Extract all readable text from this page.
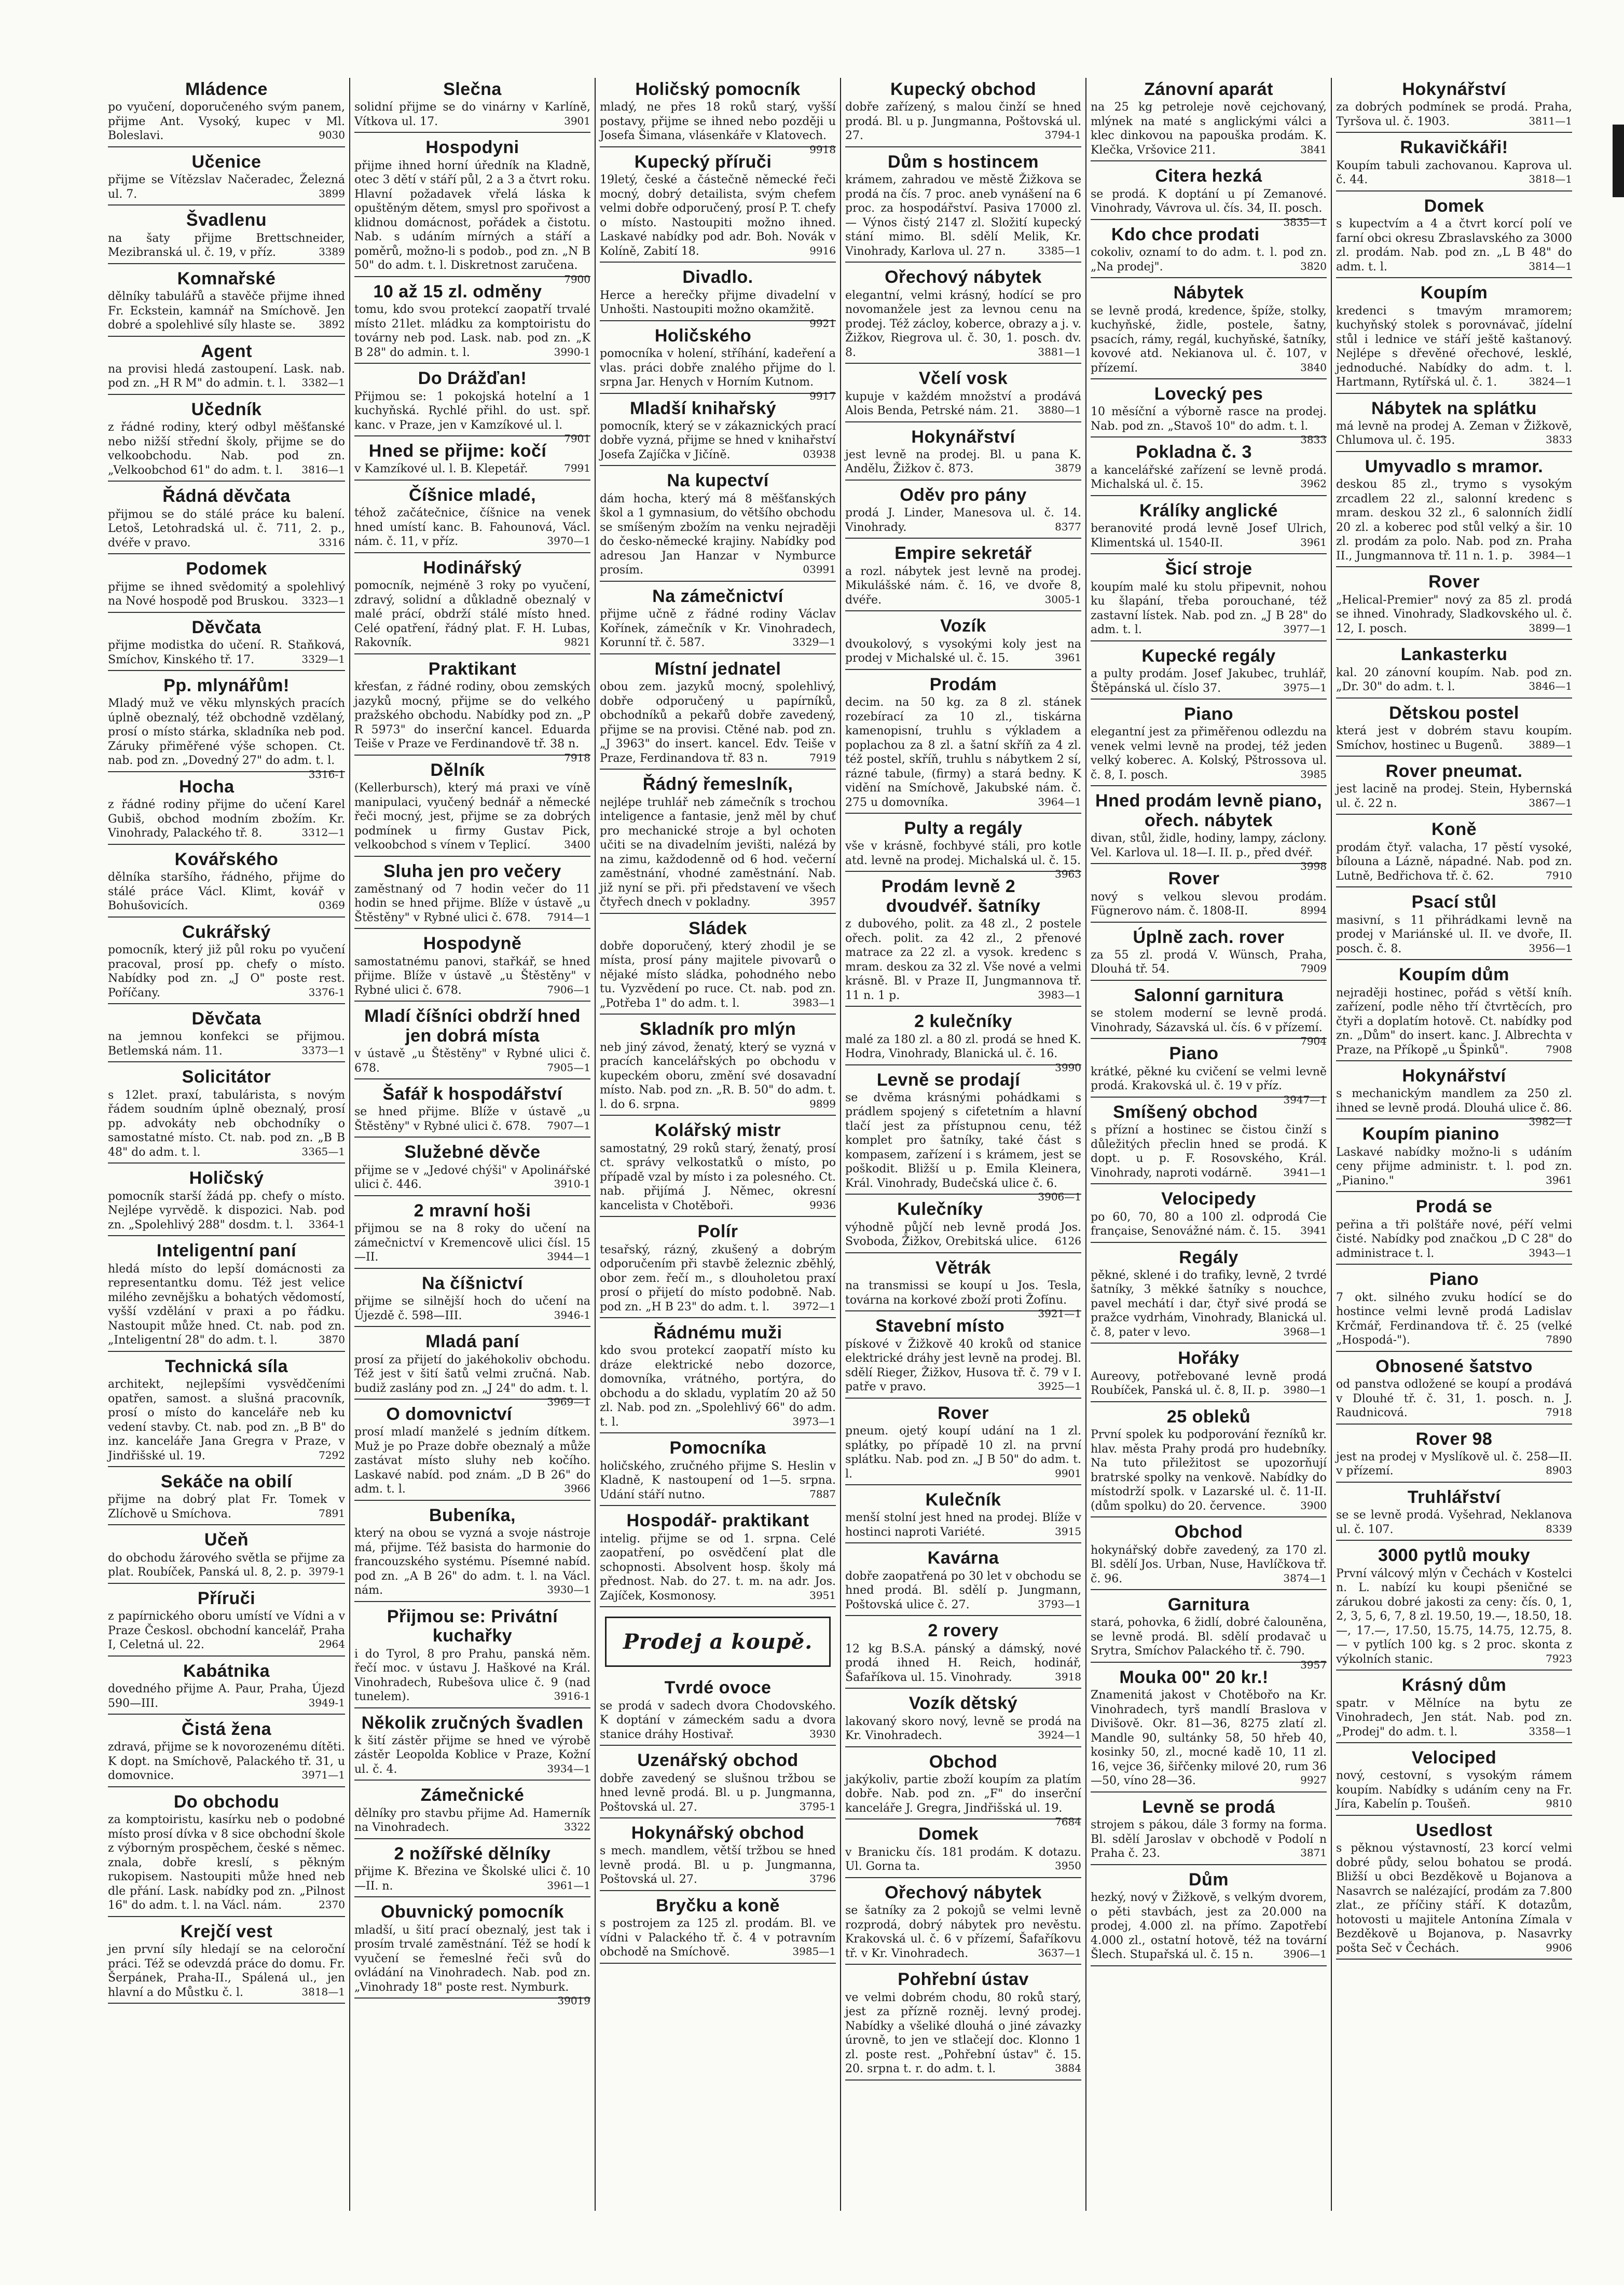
Mládence

po vyučení, doporučeného svým panem, přijme Ant. Vysoký, kupec v Ml. Boleslavi.	9030

Učenice

přijme se Vítězslav Načeradec, Železná ul. 7.	3899

Švadlenu

na šaty přijme Brettschneider, Mezibranská ul. č. 19, v příz.	3389

Komnařské

dělníky tabulářů a stavěče přijme ihned Fr. Eckstein, kamnář na Smíchově. Jen dobré a spolehlivé síly hlaste se. 3892

Agent

na provisi hledá zastoupení. Lask. nab. pod zn. „H R M" do admin. t. l. 3382—1

Učedník

z řádné rodiny, který odbyl měšťanské nebo nižší střední školy, přijme se do velkoobchodu. Nab. pod zn. „Velkoobchod 61" do adm. t. l. 3816—1

Řádná děvčata

přijmou se do stálé práce ku balení. Letoš, Letohradská ul. č. 711, 2. p., dvéře v pravo.	3316

Podomek

přijme se ihned svědomitý a spolehlivý na Nové hospodě pod Bruskou. 3323—1

Děvčata

přijme modistka do učení. R. Staňková, Smíchov, Kinského tř. 17.	3329—1

Pp. mlynářům!

Mladý muž ve věku mlynských pracích úplně obeznalý, též obchodně vzdělaný, prosí o místo stárka, skladníka neb pod. Záruky přiměřené výše schopen. Ct. nab. pod zn. „Dovedný 27" do adm. t. l.
3316-1

Hocha

z řádné rodiny přijme do učení Karel Gubiš, obchod modním zbožím. Kr. Vinohrady, Palackého tř. 8.	3312—1

Kovářského

dělníka staršího, řádného, přijme do stálé práce Václ. Klimt, kovář v Bohušovicích.	0369

Cukrářský

pomocník, který již půl roku po vyučení pracoval, prosí pp. chefy o místo. Nabídky pod zn. „J O" poste rest. Poříčany.	3376-1

Děvčata

na jemnou konfekci se přijmou. Betlemská nám. 11.	3373—1

Solicitátor

s 12let. praxí, tabulárista, s novým řádem soudním úplně obeznalý, prosí pp. advokáty neb obchodníky o samostatné místo. Ct. nab. pod zn. „B B 48" do adm. t. l.	3365—1

Holičský

pomocník starší žádá pp. chefy o místo. Nejlépe vyrvědě. k dispozici. Nab. pod zn. „Spolehlivý 288" dosdm. t. l. 3364-1

Inteligentní paní

hledá místo do lepší domácnosti za representantku domu. Též jest velice milého zevnějšku a bohatých vědomostí, vyšší vzdělání v praxi a po řádku. Nastoupit může hned. Ct. nab. pod zn. „Inteligentní 28" do adm. t. l.	3870

Technická síla

architekt, nejlepšími vysvědčeními opatřen, samost. a slušná pracovník, prosí o místo do kanceláře neb ku vedení stavby. Ct. nab. pod zn. „B B" do inz. kanceláře Jana Gregra v Praze, v Jindřišské ul. 19.	7292

Sekáče na obilí

přijme na dobrý plat Fr. Tomek v Zlíchově u Smíchova.	7891

Učeň

do obchodu žárového světla se přijme za plat. Roubíček, Panská ul. 8, 2. p. 3979-1

Příruči

z papírnického oboru umístí ve Vídni a v Praze Českosl. obchodní kancelář, Praha I, Celetná ul. 22.	2964

Kabátnika

dovedného přijme A. Paur, Praha, Újezd 590—III.	3949-1

Čistá žena

zdravá, přijme se k novorozenému dítěti. K dopt. na Smíchově, Palackého tř. 31, u domovnice.	3971—1

Do obchodu

za komptoiristu, kasírku neb o podobné místo prosí dívka v 8 sice obchodní škole z výborným prospěchem, české s němec. znala, dobře kreslí, s pěkným rukopisem. Nastoupiti může hned neb dle přání. Lask. nabídky pod zn. „Pilnost 16" do adm. t. l. na Václ. nám.	2370

Krejčí vest

jen první síly hledají se na celoroční práci. Též se odevzdá práce do domu. Fr. Šerpánek, Praha-II., Spálená ul., jen hlavní a do Můstku č. l.	3818—1

Slečna

solidní přijme se do vinárny v Karlíně, Vítkova ul. 17.	3901

Hospodyni

přijme ihned horní úředník na Kladně, otec 3 dětí v stáří půl, 2 a 3 a čtvrt roku. Hlavní požadavek vřelá láska k opuštěným dětem, smysl pro spořivost a klidnou domácnost, pořádek a čistotu. Nab. s udáním mírných a stáří a poměrů, možno-li s podob., pod zn. „N B 50" do adm. t. l. Diskretnost zaručena.
7900

10 až 15 zl. odměny

tomu, kdo svou protekcí zaopatří trvalé místo 21let. mládku za komptoiristu do továrny neb pod. Lask. nab. pod zn. „K B 28" do admin. t. l.	3990-1

Do Drážďan!

Přijmou se: 1 pokojská hotelní a 1 kuchyňská. Rychlé přihl. do ust. spř. kanc. v Praze, jen v Kamzíkové ul. l.
7901

Hned se přijme: kočí

v Kamzíkové ul. l. B. Klepetář.	7991

Číšnice mladé,

téhož začátečnice, číšnice na venek hned umístí kanc. B. Fahounová, Václ. nám. č. 11, v příz.	3970—1

Hodinářský

pomocník, nejméně 3 roky po vyučení, zdravý, solidní a důkladně obeznalý v malé prácí, obdrží stálé místo hned. Celé opatření, řádný plat. F. H. Lubas, Rakovník.	9821

Praktikant

křesťan, z řádné rodiny, obou zemských jazyků mocný, přijme se do velkého pražského obchodu. Nabídky pod zn. „P R 5973" do inserční kancel. Eduarda Teiše v Praze ve Ferdinandově tř. 38 n.
7918

Dělník

(Kellerbursch), který má praxi ve víně manipulaci, vyučený bednář a německé řeči mocný, jest, přijme se za dobrých podmínek u firmy Gustav Pick, velkoobchod s vínem v Teplicí.	3400

Sluha jen pro večery

zaměstnaný od 7 hodin večer do 11 hodin se hned přijme. Blíže v ústavě „u Štěstěny" v Rybné ulici č. 678. 7914—1

Hospodyně

samostatnému panovi, stařkář, se hned přijme. Blíže v ústavě „u Štěstěny" v Rybné ulici č. 678.	7906—1

Mladí číšníci obdrží hned jen dobrá místa

v ústavě „u Štěstěny" v Rybné ulici č. 678.	7905—1

Šafář k hospodářství

se hned přijme. Blíže v ústavě „u Štěstěny" v Rybné ulici č. 678. 7907—1

Služebné děvče

přijme se v „Jedové chýši" v Apolinářské ulici č. 446.	3910-1

2 mravní hoši

přijmou se na 8 roky do učení na zámečnictví v Kremencově ulici čísl. 15—II.	3944—1

Na číšnictví

přijme se silnější hoch do učení na Újezdě č. 598—III.	3946-1

Mladá paní

prosí za přijetí do jakéhokoliv obchodu. Též jest v šití šatů velmi zručná. Nab. budiž zaslány pod zn. „J 24" do adm. t. l.
3969—1

O domovnictví

prosí mladí manželé s jedním dítkem. Muž je po Praze dobře obeznalý a může zastávat místo sluhy neb kočího. Laskavé nabíd. pod znám. „D B 26" do adm. t. l.	3966

Bubeníka,

který na obou se vyzná a svoje nástroje má, přijme. Též basista do harmonie do francouzského systému. Písemné nabíd. pod zn. „A B 26" do adm. t. l. na Václ. nám.	3930—1

Přijmou se: Privátní kuchařky

i do Tyrol, 8 pro Prahu, panská něm. řečí moc. v ústavu J. Haškové na Král. Vinohradech, Rubešova ulice č. 9 (nad tunelem).	3916-1

Několik zručných švadlen

k šití zástěr přijme se hned ve výrobě zástěr Leopolda Koblice v Praze, Kožní ul. č. 4.	3934—1

Zámečnické

dělníky pro stavbu přijme Ad. Hamerník na Vinohradech.	3322

2 nožířské dělníky

přijme K. Březina ve Školské ulici č. 10—II. n.	3961—1

Obuvnický pomocník

mladší, u šití prací obeznalý, jest tak i prosím trvalé zaměstnání. Též se hodí k vyučení se řemeslné řeči svů do ovládání na Vinohradech. Nab. pod zn. „Vinohrady 18" poste rest. Nymburk.
39019

Holičský pomocník

mladý, ne přes 18 roků starý, vyšší postavy, přijme se ihned nebo později u Josefa Šimana, vlásenkáře v Klatovech.
9918

Kupecký příruči

19letý, české a částečně německé řeči mocný, dobrý detailista, svým chefem velmi dobře odporučený, prosí P. T. chefy o místo. Nastoupiti možno ihned. Laskavé nabídky pod adr. Boh. Novák v Kolíně, Zabití 18.	9916

Divadlo.

Herce a herečky přijme divadelní v Unhošti. Nastoupiti možno okamžitě.
9921

Holičského

pomocníka v holení, stříhání, kadeření a vlas. práci dobře znalého přijme do l. srpna Jar. Henych v Horním Kutnom.
9917

Mladší knihařský

pomocník, který se v zákaznických prací dobře vyzná, přijme se hned v knihařství Josefa Zajíčka v Jičíně.	03938

Na kupectví

dám hocha, který má 8 měšťanských škol a 1 gymnasium, do většího obchodu se smíšeným zbožím na venku nejraději do česko-německé krajiny. Nabídky pod adresou Jan Hanzar v Nymburce prosím.	03991

Na zámečnictví

přijme učně z řádné rodiny Václav Kořínek, zámečník v Kr. Vinohradech, Korunní tř. č. 587.	3329—1

Místní jednatel

obou zem. jazyků mocný, spolehlivý, dobře odporučený u papírníků, obchodníků a pekařů dobře zavedený, přijme se na provisi. Ctěné nab. pod zn. „J 3963" do insert. kancel. Edv. Teiše v Praze, Ferdinandova tř. 83 n.	7919

Řádný řemeslník,

nejlépe truhlář neb zámečník s trochou inteligence a fantasie, jenž měl by chuť pro mechanické stroje a byl ochoten učiti se na divadelním jevišti, nalézá by na zimu, každodenně od 6 hod. večerní zaměstnání, vhodné zaměstnání. Nab. již nyní se při. při představení ve všech čtyřech dnech v pokladny.	3957

Sládek

dobře doporučený, který zhodil je se místa, prosí pány majitele pivovarů o nějaké místo sládka, pohodného nebo tu. Vyzvědení po ruce. Ct. nab. pod zn. „Potřeba 1" do adm. t. l.	3983—1

Skladník pro mlýn

neb jiný závod, ženatý, který se vyzná v pracích kancelářských po obchodu v kupeckém oboru, změní své dosavadní místo. Nab. pod zn. „R. B. 50" do adm. t. l. do 6. srpna.	9899

Kolářský mistr

samostatný, 29 roků starý, ženatý, prosí ct. správy velkostatků o místo, po případě vzal by místo i za polesného. Ct. nab. přijímá J. Němec, okresní kancelista v Chotěboři.	9936

Polír

tesařský, rázný, zkušený a dobrým odporučením při stavbě železnic zběhlý, obor zem. řečí m., s dlouholetou praxí prosí o přijetí do místo podobně. Nab. pod zn. „H B 23" do adm. t. l. 3972—1

Řádnému muži

kdo svou protekcí zaopatří místo ku dráze elektrické nebo dozorce, domovníka, vrátného, portýra, do obchodu a do skladu, vyplatím 20 až 50 zl. Nab. pod zn. „Spolehlivý 66" do adm. t. l.	3973—1

Pomocníka

holičského, zručného přijme S. Heslin v Kladně, K nastoupení od 1—5. srpna. Udání stáří nutno.	7887

Hospodář- praktikant

intelig. přijme se od 1. srpna. Celé zaopatření, po osvědčení plat dle schopnosti. Absolvent hosp. školy má přednost. Nab. do 27. t. m. na adr. Jos. Zajíček, Kosmonosy.	3951

Prodej a koupě.
Tvrdé ovoce

se prodá v sadech dvora Chodovského. K doptání v zámeckém sadu a dvora stanice dráhy Hostivař.	3930

Uzenářský obchod

dobře zavedený se slušnou tržbou se hned levně prodá. Bl. u p. Jungmanna, Poštovská ul. 27.	3795-1

Hokynářský obchod

s mech. mandlem, větší tržbou se hned levně prodá. Bl. u p. Jungmanna, Poštovská ul. 27.	3796

Bryčku a koně

s postrojem za 125 zl. prodám. Bl. ve vídni v Palackého tř. č. 4 v potravním obchodě na Smíchově.	3985—1

Kupecký obchod

dobře zařízený, s malou činží se hned prodá. Bl. u p. Jungmanna, Poštovská ul. 27.	3794-1

Dům s hostincem

krámem, zahradou ve městě Žižkova se prodá na čís. 7 proc. aneb vynášení na 6 proc. za hospodářství. Pasiva 17000 zl. — Výnos čistý 2147 zl. Složití kupecký stání mimo. Bl. sdělí Melik, Kr. Vinohrady, Karlova ul. 27 n.	3385—1

Ořechový nábytek

elegantní, velmi krásný, hodící se pro novomanžele jest za levnou cenu na prodej. Též zácloy, koberce, obrazy a j. v. Žižkov, Riegrova ul. č. 30, 1. posch. dv. 8.	3881—1

Včelí vosk

kupuje v každém množství a prodává Alois Benda, Petrské nám. 21. 3880—1

Hokynářství

jest levně na prodej. Bl. u pana K. Andělu, Žižkov č. 873.	3879

Oděv pro pány

prodá J. Linder, Manesova ul. č. 14. Vinohrady.	8377

Empire sekretář

a rozl. nábytek jest levně na prodej. Mikulášské nám. č. 16, ve dvoře 8, dvéře.	3005-1

Vozík

dvoukolový, s vysokými koly jest na prodej v Michalské ul. č. 15.	3961

Prodám

decim. na 50 kg. za 8 zl. stánek rozebírací za 10 zl., tiskárna kamenopisní, truhlu s výkladem a poplachou za 8 zl. a šatní skříň za 4 zl. též postel, skříň, truhlu s nábytkem 2 sí, rázné tabule, (firmy) a stará bedny. K vidění na Smíchově, Jakubské nám. č. 275 u domovníka.	3964—1

Pulty a regály

vše v krásně, fochbyvé stáli, pro kotle atd. levně na prodej. Michalská ul. č. 15.
3963

Prodám levně 2 dvoudvéř. šatníky

z dubového, polit. za 48 zl., 2 postele ořech. polit. za 42 zl., 2 přenové matrace za 22 zl. a vysok. kredenc s mram. deskou za 32 zl. Vše nové a velmi krásně. Bl. v Praze II, Jungmannova tř. 11 n. 1 p.	3983—1

2 kulečníky

malé za 180 zl. a 80 zl. prodá se hned K. Hodra, Vinohrady, Blanická ul. č. 16.
3990

Levně se prodají

se dvěma krásnými pohádkami s prádlem spojený s cifetetním a hlavní tlačí jest za přístupnou cenu, též komplet pro šatníky, také část s kompasem, zařízení i s krámem, jest se poškodit. Bližší u p. Emila Kleinera, Král. Vinohrady, Budečská ulice č. 6.
3906—1

Kulečníky

výhodně půjčí neb levně prodá Jos. Svoboda, Žižkov, Orebitská ulice. 6126

Větrák

na transmissi se koupí u Jos. Tesla, továrna na korkové zboží proti Žofínu.
3921—1

Stavební místo

pískové v Žižkově 40 kroků od stanice elektrické dráhy jest levně na prodej. Bl. sdělí Rieger, Žižkov, Husova tř. č. 79 v I. patře v pravo.	3925—1

Rover

pneum. ojetý koupí udání na 1 zl. splátky, po případě 10 zl. na první splátku. Nab. pod zn. „J B 50" do adm. t. l.	9901

Kulečník

menší stolní jest hned na prodej. Blíže v hostinci naproti Variété.	3915

Kavárna

dobře zaopatřená po 30 let v obchodu se hned prodá. Bl. sdělí p. Jungmann, Poštovská ulice č. 27.	3793—1

2 rovery

12 kg B.S.A. pánský a dámský, nové prodá ihned H. Reich, hodinář, Šafaříkova ul. 15. Vinohrady.	3918

Vozík dětský

lakovaný skoro nový, levně se prodá na Kr. Vinohradech.	3924—1

Obchod

jakýkoliv, partie zboží koupím za platím dobře. Nab. pod zn. „F" do inserční kanceláře J. Gregra, Jindřišská ul. 19.
7684

Domek

v Branicku čís. 181 prodám. K dotazu. Ul. Gorna ta.	3950

Ořechový nábytek

se šatníky za 2 pokojů se velmi levně rozprodá, dobrý nábytek pro nevěstu. Krakovská ul. č. 6 v přízemí, Šafaříkovu tř. v Kr. Vinohradech.	3637—1

Pohřební ústav

ve velmi dobrém chodu, 80 roků starý, jest za přízně rozněj. levný prodej. Nabídky a všeliké dlouhá o jiné závazky úrovně, to jen ve stlačejí doc. Klonno 1 zl. poste rest. „Pohřební ústav" č. 15. 20. srpna t. r. do adm. t. l.	3884

Zánovní aparát

na 25 kg petroleje nově cejchovaný, mlýnek na maté s anglickými válci a klec dinkovou na papouška prodám. K. Klečka, Vršovice 211.	3841

Citera hezká

se prodá. K doptání u pí Zemanové. Vinohrady, Vávrova ul. čís. 34, II. posch.
3835—1

Kdo chce prodati

cokoliv, oznamí to do adm. t. l. pod zn. „Na prodej".	3820

Nábytek

se levně prodá, kredence, špíže, stolky, kuchyňské, židle, postele, šatny, psacích, rámy, regál, kuchyňské, šatníky, kovové atd. Nekianova ul. č. 107, v přízemí.	3840

Lovecký pes

10 měsíční a výborně rasce na prodej. Nab. pod zn. „Stavoš 10" do adm. t. l.
3833

Pokladna č. 3

a kancelářské zařízení se levně prodá. Michalská ul. č. 15.	3962

Králíky anglické

beranovité prodá levně Josef Ulrich, Klimentská ul. 1540-II.	3961

Šicí stroje

koupím malé ku stolu připevnit, nohou ku šlapání, třeba porouchané, též zastavní lístek. Nab. pod zn. „J B 28" do adm. t. l.	3977—1

Kupecké regály

a pulty prodám. Josef Jakubec, truhlář, Štěpánská ul. číslo 37.	3975—1

Piano

elegantní jest za přiměřenou odlezdu na venek velmi levně na prodej, též jeden velký koberec. A. Kolský, Pštrossova ul. č. 8, I. posch.	3985

Hned prodám levně piano, ořech. nábytek

divan, stůl, židle, hodiny, lampy, záclony. Vel. Karlova ul. 18—I. II. p., před dvéř.
3998

Rover

nový s velkou slevou prodám. Fügnerovo nám. č. 1808-II.	8994

Úplně zach. rover

za 55 zl. prodá V. Wünsch, Praha, Dlouhá tř. 54.	7909

Salonní garnitura

se stolem moderní se levně prodá. Vinohrady, Sázavská ul. čís. 6 v přízemí.
7904

Piano

krátké, pěkné ku cvičení se velmi levně prodá. Krakovská ul. č. 19 v příz.
3947—1

Smíšený obchod

s přízní a hostinec se čistou činží s důležitých přeclin hned se prodá. K dopt. u p. F. Rosovského, Král. Vinohrady, naproti vodárně.	3941—1

Velocipedy

po 60, 70, 80 a 100 zl. odprodá Cie française, Senovážné nám. č. 15. 3941

Regály

pěkné, sklené i do trafiky, levně, 2 tvrdé šatníky, 3 měkké šatníky s nouchce, pavel mechátí i dar, čtyř sivé prodá se pražce vydrhám, Vinohrady, Blanická ul. č. 8, pater v levo.	3968—1

Hořáky

Aureovy, potřebované levně prodá Roubíček, Panská ul. č. 8, II. p. 3980—1

25 obleků

První spolek ku podporování řezníků kr. hlav. města Prahy prodá pro hudebníky. Na tuto přiležitost se upozorňují bratrské spolky na venkově. Nabídky do místodrží spolk. v Lazarské ul. č. 11-II. (dům spolku) do 20. července.	3900

Obchod

hokynářský dobře zavedený, za 170 zl. Bl. sdělí Jos. Urban, Nuse, Havlíčkova tř. č. 96.	3874—1

Garnitura

stará, pohovka, 6 židlí, dobré čalouněna, se levně prodá. Bl. sdělí prodavač u Srytra, Smíchov Palackého tř. č. 790.
3957

Mouka 00" 20 kr.!

Znamenitá jakost v Chotěbořo na Kr. Vinohradech, tyrš mandlí Braslova v Divišově. Okr. 81—36, 8275 zlatí zl. Mandle 90, sultánky 58, 50 hřeb 40, kosinky 50, zl., mocné kadě 10, 11 zl. 16, vejce 36, šiřčenky milové 20, rum 36—50, víno 28—36.	9927

Levně se prodá

strojem s pákou, dále 3 formy na forma. Bl. sdělí Jaroslav v obchodě v Podolí n Praha č. 23.	3871

Dům

hezký, nový v Žižkově, s velkým dvorem, o pěti stavbách, jest za 20.000 na prodej, 4.000 zl. na přímo. Zapotřebí 4.000 zl., ostatní hotově, též na tovární Šlech. Stupařská ul. č. 15 n.	3906—1

Hokynářství

za dobrých podmínek se prodá. Praha, Tyršova ul. č. 1903.	3811—1

Rukavičkáři!

Koupím tabuli zachovanou. Kaprova ul. č. 44.	3818—1

Domek

s kupectvím a 4 a čtvrt korcí polí ve farní obci okresu Zbraslavského za 3000 zl. prodám. Nab. pod zn. „L B 48" do adm. t. l.	3814—1

Koupím

kredenci s tmavým mramorem; kuchyňský stolek s porovnávač, jídelní stůl i lednice ve stáří ještě kaštanový. Nejlépe s dřevěné ořechové, lesklé, jednoduché. Nabídky do adm. t. l. Hartmann, Rytířská ul. č. 1.	3824—1

Nábytek na splátku

má levně na prodej A. Zeman v Žižkově, Chlumova ul. č. 195.	3833

Umyvadlo s mramor.

deskou 85 zl., trymo s vysokým zrcadlem 22 zl., salonní kredenc s mram. deskou 32 zl., 6 salonních židlí 20 zl. a koberec pod stůl velký a šir. 10 zl. prodám za polo. Nab. pod zn. Praha II., Jungmannova tř. 11 n. 1. p. 3984—1

Rover

„Helical-Premier" nový za 85 zl. prodá se ihned. Vinohrady, Sladkovského ul. č. 12, I. posch.	3899—1

Lankasterku

kal. 20 zánovní koupím. Nab. pod zn. „Dr. 30" do adm. t. l.	3846—1

Dětskou postel

která jest v dobrém stavu koupím. Smíchov, hostinec u Bugenů. 3889—1

Rover pneumat.

jest lacině na prodej. Stein, Hybernská ul. č. 22 n.	3867—1

Koně

prodám čtyř. valacha, 17 pěstí vysoké, bílouna a Lázně, nápadné. Nab. pod zn. Lutně, Bedřichova tř. č. 62.	7910

Psací stůl

masivní, s 11 přihrádkami levně na prodej v Mariánské ul. II. ve dvoře, II. posch. č. 8.	3956—1

Koupím dům

nejraději hostinec, pořád s větší kníh. zařízení, podle něho tří čtvrtěcích, pro čtyři a doplatím hotově. Ct. nabídky pod zn. „Dům" do insert. kanc. J. Albrechta v Praze, na Příkopě „u Špinků".	7908

Hokynářství

s mechanickým mandlem za 250 zl. ihned se levně prodá. Dlouhá ulice č. 86.
3982—1

Koupím pianino

Laskavé nabídky možno-li s udáním ceny přijme administr. t. l. pod zn. „Pianino."	3961

Prodá se

peřina a tři polštáře nové, péří velmi čisté. Nabídky pod značkou „D C 28" do administrace t. l.	3943—1

Piano

7 okt. silného zvuku hodící se do hostince velmi levně prodá Ladislav Krčmář, Ferdinandova tř. č. 25 (velké „Hospodá-").	7890

Obnosené šatstvo

od panstva odložené se koupí a prodává v Dlouhé tř. č. 31, 1. posch. n. J. Raudnicová.	7918

Rover 98

jest na prodej v Myslíkově ul. č. 258—II. v přízemí.	8903

Truhlářství

se se levně prodá. Vyšehrad, Neklanova ul. č. 107.	8339

3000 pytlů mouky

První válcový mlýn v Čechách v Kostelci n. L. nabízí ku koupi pšeničné se zárukou dobré jakosti za ceny: čís. 0, 1, 2, 3, 5, 6, 7, 8 zl. 19.50, 19.—, 18.50, 18.—, 17.—, 17.50, 15.75, 14.75, 12.75, 8.— v pytlích 100 kg. s 2 proc. skonta z výkolních stanic.	7923

Krásný dům

spatr. v Mělníce na bytu ze Vinohradech, Jen stát. Nab. pod zn. „Prodej" do adm. t. l.	3358—1

Velociped

nový, cestovní, s vysokým rámem koupím. Nabídky s udáním ceny na Fr. Jíra, Kabelín p. Toušeň.	9810

Usedlost

s pěknou výstavností, 23 korcí velmi dobré půdy, selou bohatou se prodá. Bližší u obci Bezděkově u Bojanova a Nasavrch se nalézající, prodám za 7.800 zlat., ze příčiny stáří. K dotazům, hotovosti u majitele Antonína Zímala v Bezděkově u Bojanova, p. Nasavrky pošta Seč v Čechách.	9906
